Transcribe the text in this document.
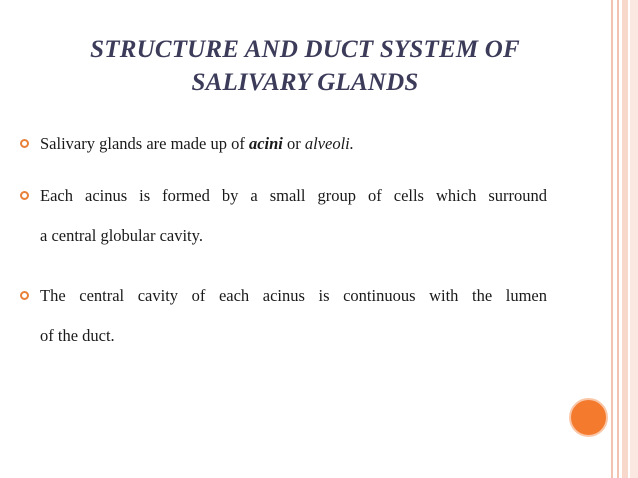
STRUCTURE AND DUCT SYSTEM OF
SALIVARY GLANDS
Salivary glands are made up of acini or alveoli.
Each acinus is formed by a small group of cells which surround
a central globular cavity.
The central cavity of each acinus is continuous with the lumen
of the duct.
